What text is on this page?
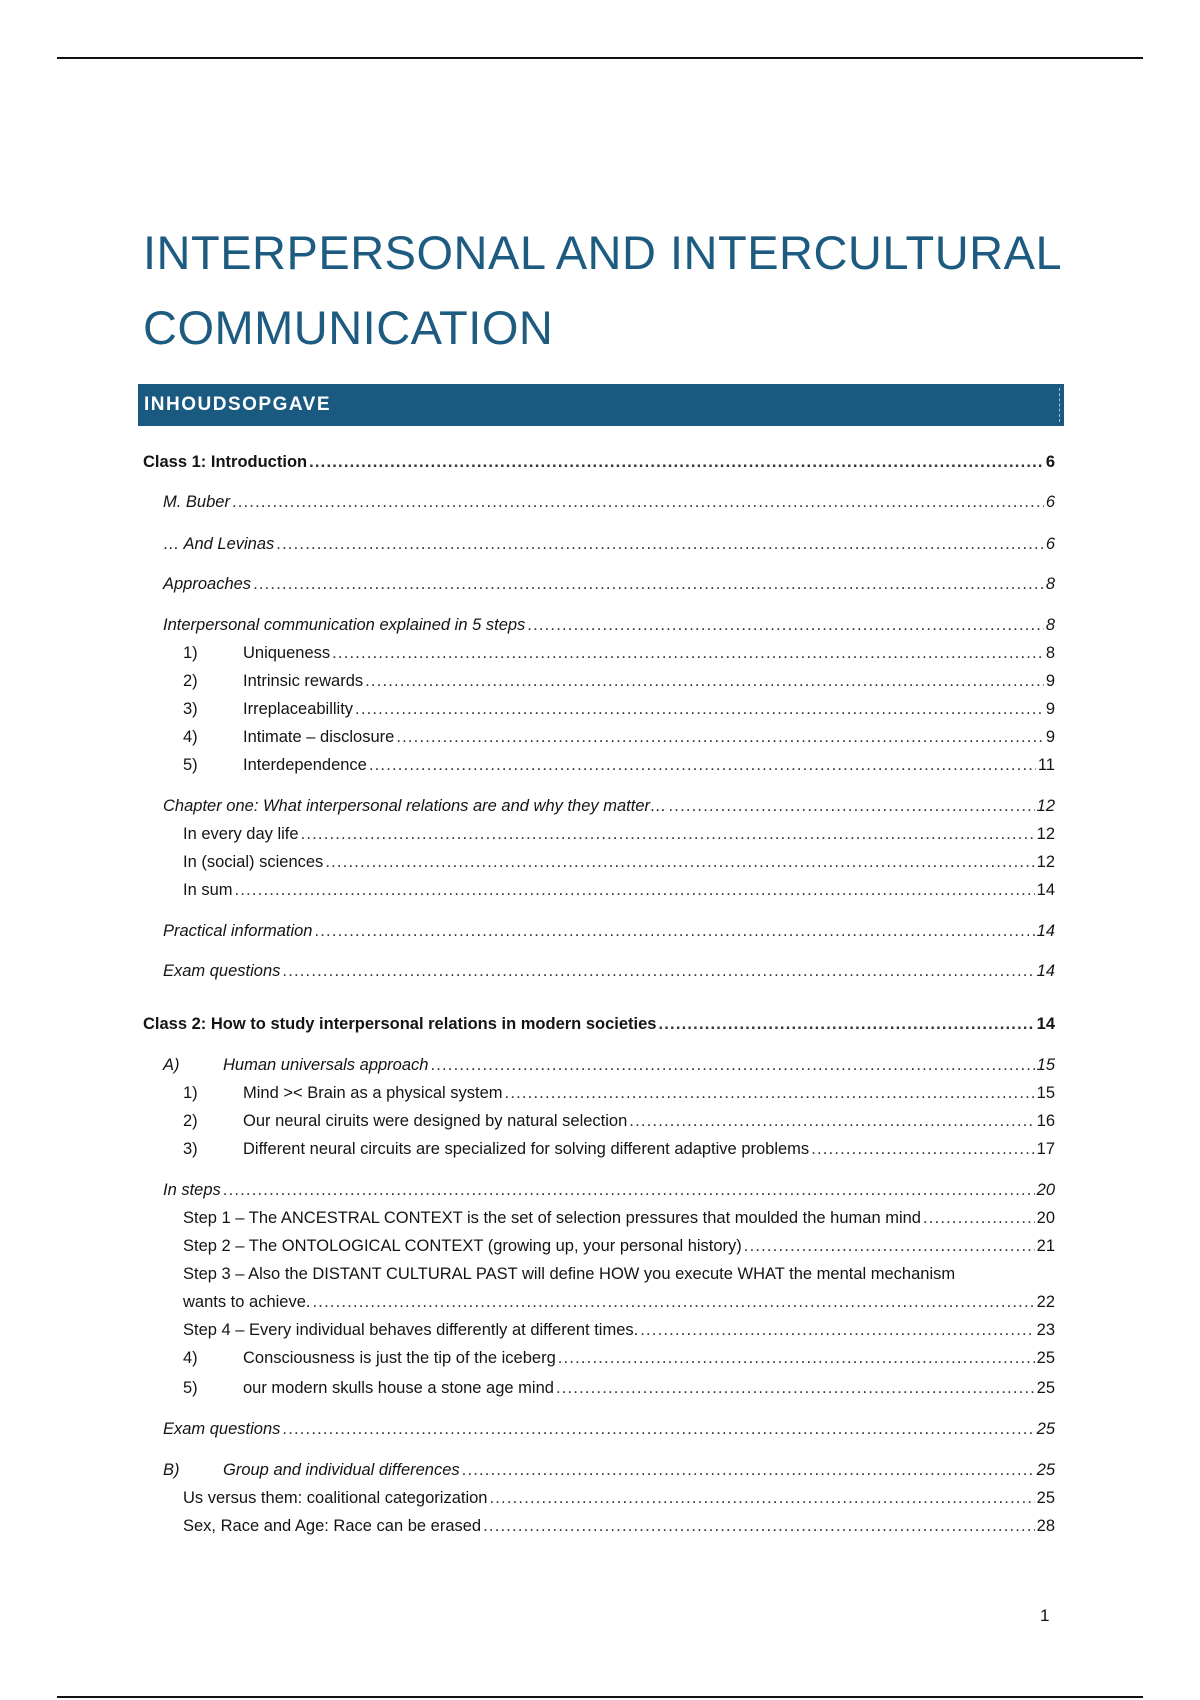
INTERPERSONAL AND INTERCULTURAL
COMMUNICATION
INHOUDSOPGAVE
Class 1: Introduction .....	6
M. Buber .....	6
… And Levinas .....	6
Approaches .....	8
Interpersonal communication explained in 5 steps .....	8
1)	Uniqueness .....	8
2)	Intrinsic rewards .....	9
3)	Irreplaceabillity .....	9
4)	Intimate – disclosure .....	9
5)	Interdependence .....	11
Chapter one: What interpersonal relations are and why they matter… .....	12
In every day life .....	12
In (social) sciences .....	12
In sum .....	14
Practical information .....	14
Exam questions .....	14
Class 2: How to study interpersonal relations in modern societies .....	14
A)	Human universals approach .....	15
1)	Mind >< Brain as a physical system .....	15
2)	Our neural ciruits were designed by natural selection .....	16
3)	Different neural circuits are specialized for solving different adaptive problems .....	17
In steps .....	20
Step 1 – The ANCESTRAL CONTEXT is the set of selection pressures that moulded the human mind .....	20
Step 2 – The ONTOLOGICAL CONTEXT (growing up, your personal history) .....	21
Step 3 – Also the DISTANT CULTURAL PAST will define HOW you execute WHAT the mental mechanism
wants to achieve. .....	22
Step 4 – Every individual behaves differently at different times. .....	23
4)	Consciousness is just the tip of the iceberg .....	25
5)	our modern skulls house a stone age mind .....	25
Exam questions .....	25
B)	Group and individual differences .....	25
Us versus them: coalitional categorization .....	25
Sex, Race and Age: Race can be erased .....	28
1
